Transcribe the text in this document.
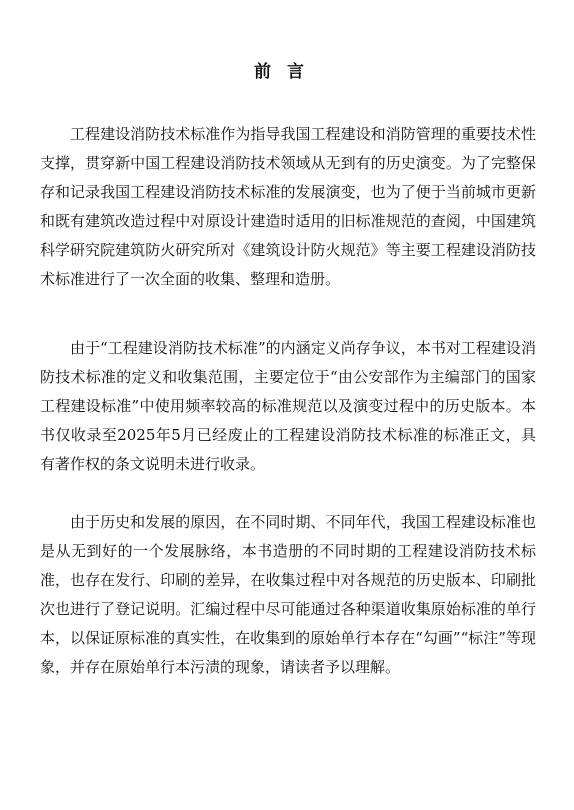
前言

工程建设消防技术标准作为指导我国工程建设和消防管理的重要技术性支撑，贯穿新中国工程建设消防技术领域从无到有的历史演变。为了完整保存和记录我国工程建设消防技术标准的发展演变，也为了便于当前城市更新和既有建筑改造过程中对原设计建造时适用的旧标准规范的查阅，中国建筑科学研究院建筑防火研究所对《建筑设计防火规范》等主要工程建设消防技术标准进行了一次全面的收集、整理和造册。

由于“工程建设消防技术标准”的内涵定义尚存争议，本书对工程建设消防技术标准的定义和收集范围，主要定位于“由公安部作为主编部门的国家工程建设标准”中使用频率较高的标准规范以及演变过程中的历史版本。本书仅收录至2025年5月已经废止的工程建设消防技术标准的标准正文，具有著作权的条文说明未进行收录。

由于历史和发展的原因，在不同时期、不同年代，我国工程建设标准也是从无到好的一个发展脉络，本书造册的不同时期的工程建设消防技术标准，也存在发行、印刷的差异，在收集过程中对各规范的历史版本、印刷批次也进行了登记说明。汇编过程中尽可能通过各种渠道收集原始标准的单行本，以保证原标准的真实性，在收集到的原始单行本存在“勾画”“标注”等现象，并存在原始单行本污渍的现象，请读者予以理解。
